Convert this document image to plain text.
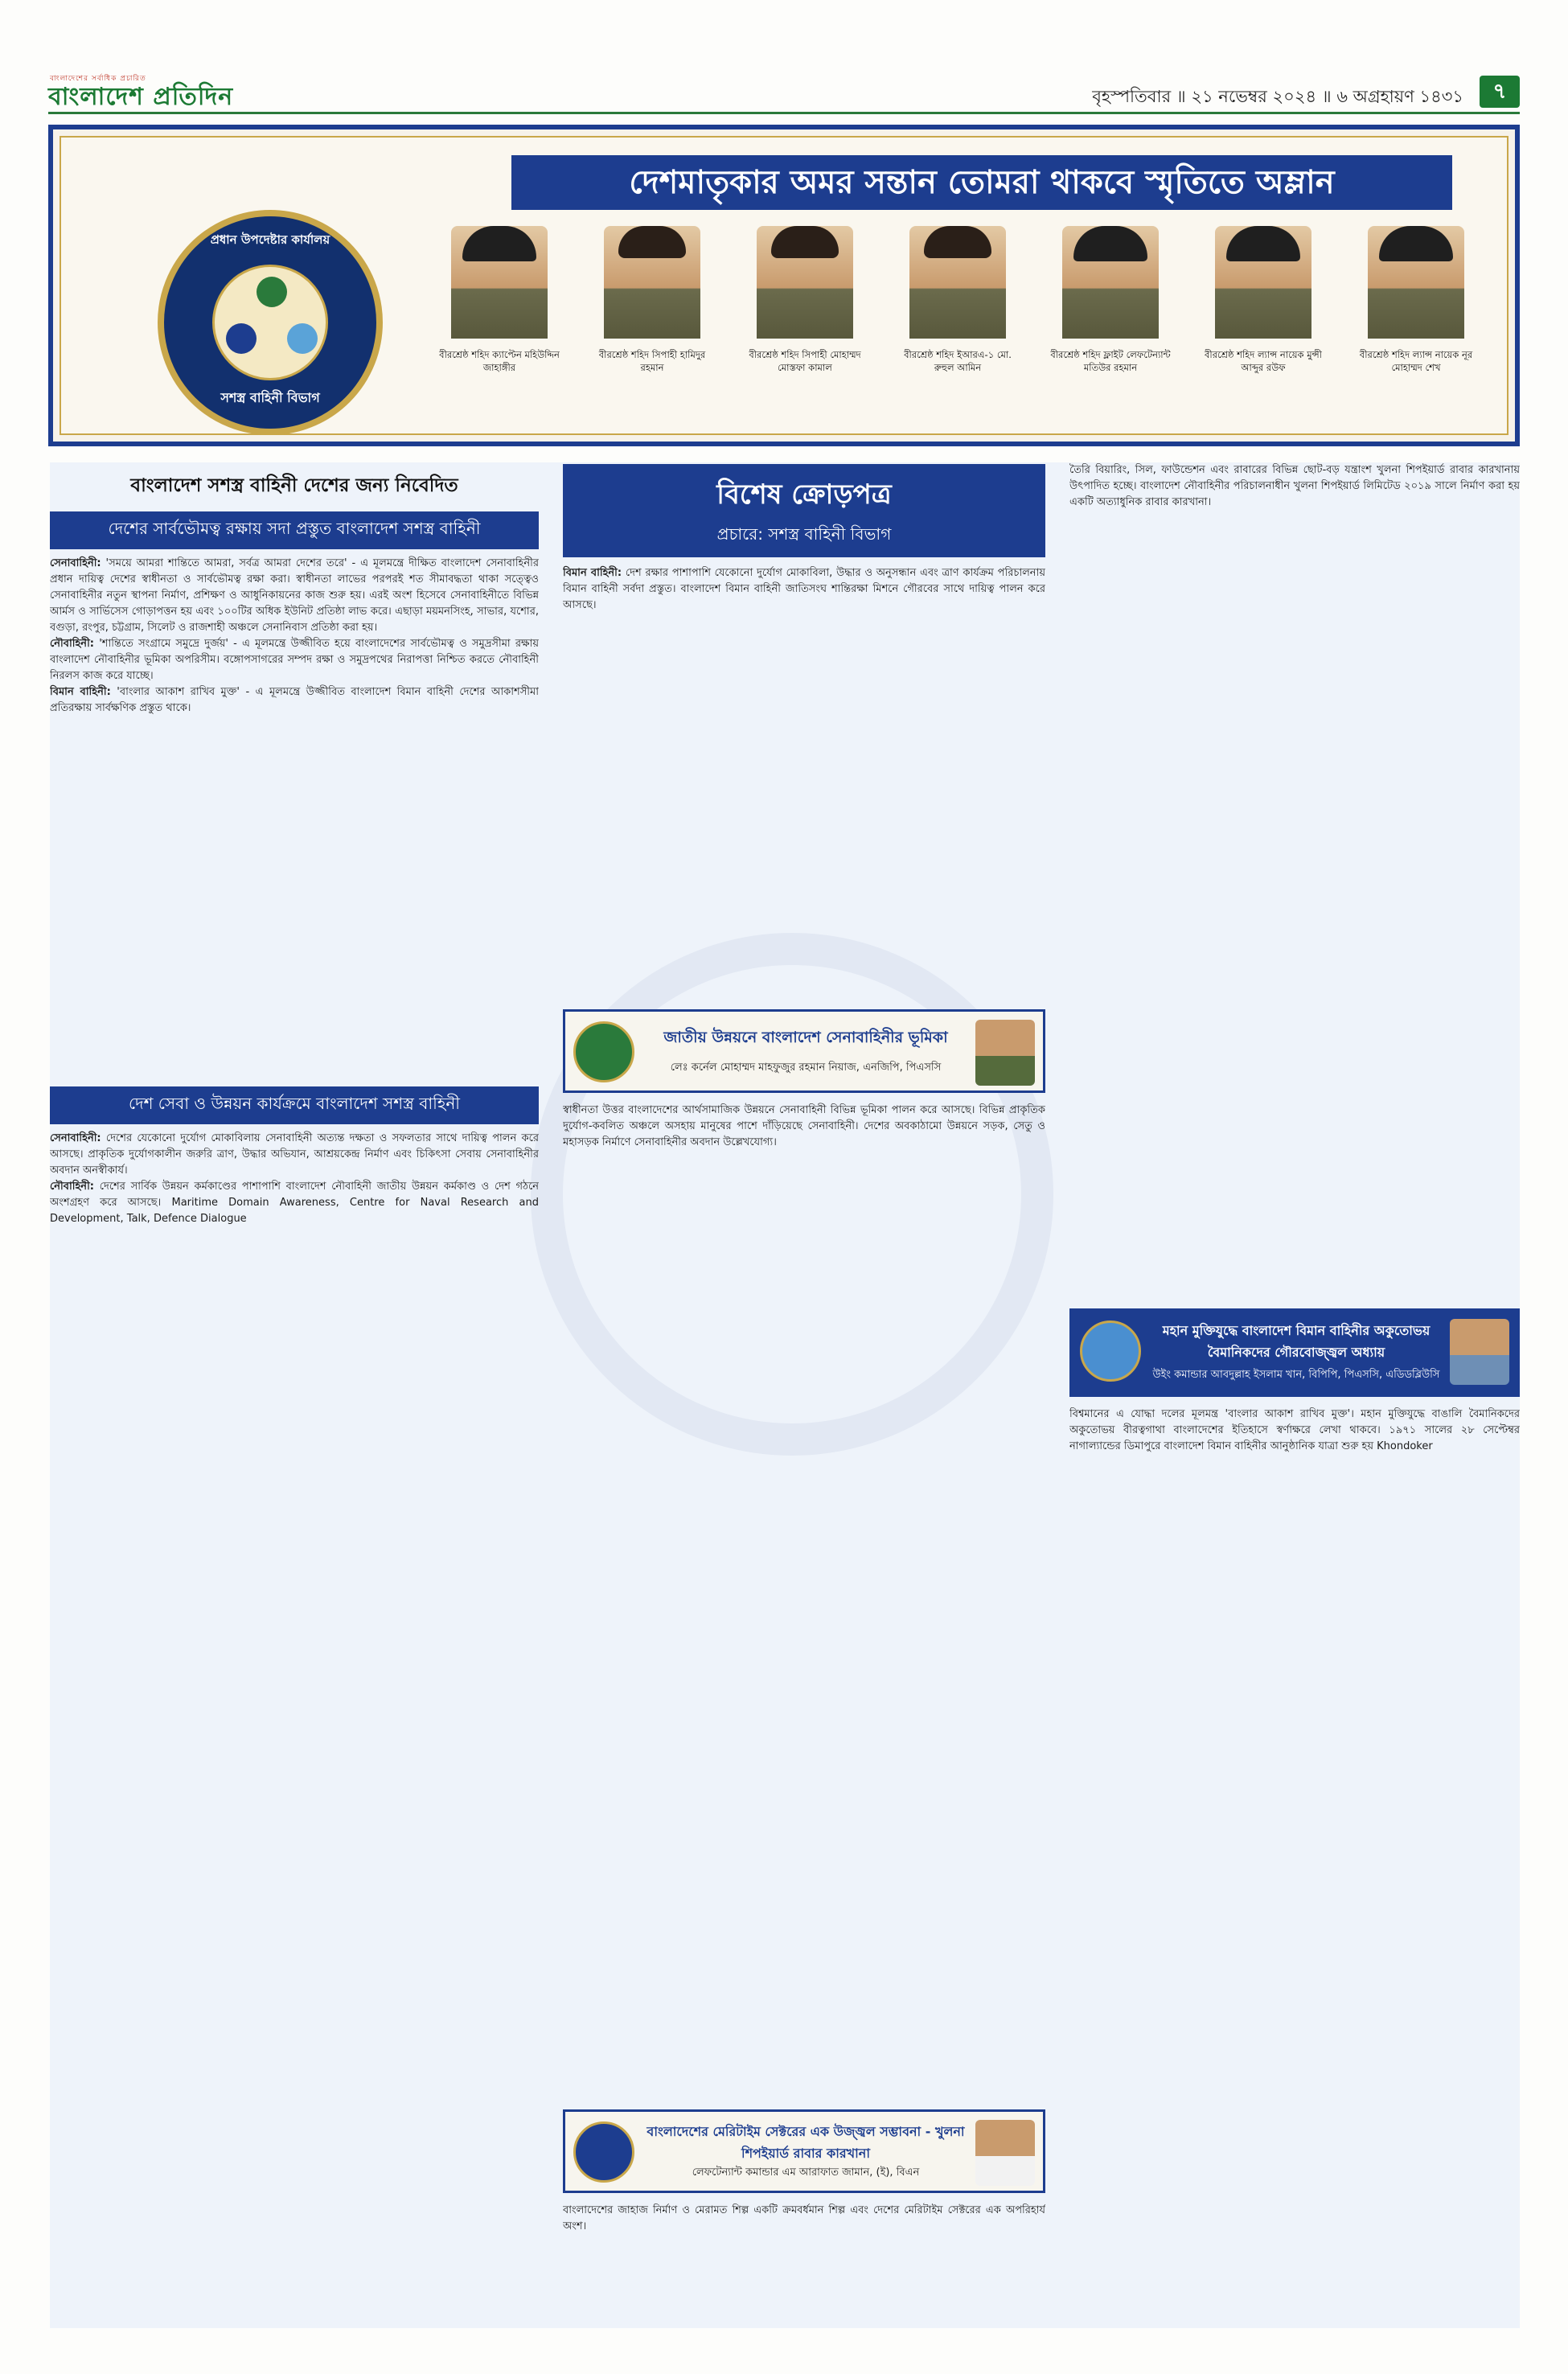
বাংলাদেশের সর্বাধিক প্রচারিত
বাংলাদেশ প্রতিদিন	বৃহস্পতিবার ॥ ২১ নভেম্বর ২০২৪ ॥ ৬ অগ্রহায়ণ ১৪৩১	৭
দেশমাতৃকার অমর সন্তান তোমরা থাকবে স্মৃতিতে অম্লান
প্রধান উপদেষ্টার কার্যালয়
সশস্ত্র বাহিনী বিভাগ
বীরশ্রেষ্ঠ শহিদ ক্যাপ্টেন মহিউদ্দিন জাহাঙ্গীর
বীরশ্রেষ্ঠ শহিদ সিপাহী হামিদুর রহমান
বীরশ্রেষ্ঠ শহিদ সিপাহী মোহাম্মদ মোস্তফা কামাল
বীরশ্রেষ্ঠ শহিদ ইআরএ-১ মো. রুহুল আমিন
বীরশ্রেষ্ঠ শহিদ ফ্লাইট লেফটেন্যান্ট মতিউর রহমান
বীরশ্রেষ্ঠ শহিদ ল্যান্স নায়েক মুন্সী আব্দুর রউফ
বীরশ্রেষ্ঠ শহিদ ল্যান্স নায়েক নূর মোহাম্মদ শেখ
বাংলাদেশ সশস্ত্র বাহিনী দেশের জন্য নিবেদিত
দেশের সার্বভৌমত্ব রক্ষায় সদা প্রস্তুত বাংলাদেশ সশস্ত্র বাহিনী
সেনাবাহিনী: 'সময়ে আমরা শান্তিতে আমরা, সর্বত্র আমরা দেশের তরে' - এ মূলমন্ত্রে দীক্ষিত বাংলাদেশ সেনাবাহিনীর প্রধান দায়িত্ব দেশের স্বাধীনতা ও সার্বভৌমত্ব রক্ষা করা। স্বাধীনতা লাভের পরপরই শত সীমাবদ্ধতা থাকা সত্ত্বেও সেনাবাহিনীর নতুন স্থাপনা নির্মাণ, প্রশিক্ষণ ও আধুনিকায়নের কাজ শুরু হয়। এরই অংশ হিসেবে সেনাবাহিনীতে বিভিন্ন আর্মস ও সার্ভিসেস গোড়াপত্তন হয় এবং ১০০টির অধিক ইউনিট প্রতিষ্ঠা লাভ করে। এছাড়া ময়মনসিংহ, সাভার, যশোর, বগুড়া, রংপুর, চট্টগ্রাম, সিলেট ও রাজশাহী অঞ্চলে সেনানিবাস প্রতিষ্ঠা করা হয়।
নৌবাহিনী: 'শান্তিতে সংগ্রামে সমুদ্রে দুর্জয়' - এ মূলমন্ত্রে উজ্জীবিত হয়ে বাংলাদেশের সার্বভৌমত্ব ও সমুদ্রসীমা রক্ষায় বাংলাদেশ নৌবাহিনীর ভূমিকা অপরিসীম। বঙ্গোপসাগরের সম্পদ রক্ষা ও সমুদ্রপথের নিরাপত্তা নিশ্চিত করতে নৌবাহিনী নিরলস কাজ করে যাচ্ছে।
বিমান বাহিনী: 'বাংলার আকাশ রাখিব মুক্ত' - এ মূলমন্ত্রে উজ্জীবিত বাংলাদেশ বিমান বাহিনী দেশের আকাশসীমা প্রতিরক্ষায় সার্বক্ষণিক প্রস্তুত থাকে।
দেশ সেবা ও উন্নয়ন কার্যক্রমে বাংলাদেশ সশস্ত্র বাহিনী
সেনাবাহিনী: দেশের যেকোনো দুর্যোগ মোকাবিলায় সেনাবাহিনী অত্যন্ত দক্ষতা ও সফলতার সাথে দায়িত্ব পালন করে আসছে। প্রাকৃতিক দুর্যোগকালীন জরুরি ত্রাণ, উদ্ধার অভিযান, আশ্রয়কেন্দ্র নির্মাণ এবং চিকিৎসা সেবায় সেনাবাহিনীর অবদান অনস্বীকার্য।
নৌবাহিনী: দেশের সার্বিক উন্নয়ন কর্মকাণ্ডের পাশাপাশি বাংলাদেশ নৌবাহিনী জাতীয় উন্নয়ন কর্মকাণ্ড ও দেশ গঠনে অংশগ্রহণ করে আসছে। Maritime Domain Awareness, Centre for Naval Research and Development, Talk, Defence Dialogue
বিশেষ ক্রোড়পত্র
প্রচারে: সশস্ত্র বাহিনী বিভাগ
বিমান বাহিনী: দেশ রক্ষার পাশাপাশি যেকোনো দুর্যোগ মোকাবিলা, উদ্ধার ও অনুসন্ধান এবং ত্রাণ কার্যক্রম পরিচালনায় বিমান বাহিনী সর্বদা প্রস্তুত। বাংলাদেশ বিমান বাহিনী জাতিসংঘ শান্তিরক্ষা মিশনে গৌরবের সাথে দায়িত্ব পালন করে আসছে।
জাতীয় উন্নয়নে বাংলাদেশ সেনাবাহিনীর ভূমিকা
লেঃ কর্নেল মোহাম্মদ মাহফুজুর রহমান নিয়াজ, এনজিপি, পিএসসি
স্বাধীনতা উত্তর বাংলাদেশের আর্থসামাজিক উন্নয়নে সেনাবাহিনী বিভিন্ন ভূমিকা পালন করে আসছে। বিভিন্ন প্রাকৃতিক দুর্যোগ-কবলিত অঞ্চলে অসহায় মানুষের পাশে দাঁড়িয়েছে সেনাবাহিনী। দেশের অবকাঠামো উন্নয়নে সড়ক, সেতু ও মহাসড়ক নির্মাণে সেনাবাহিনীর অবদান উল্লেখযোগ্য।
বাংলাদেশের মেরিটাইম সেক্টরের এক উজ্জ্বল সম্ভাবনা - খুলনা শিপইয়ার্ড রাবার কারখানা
লেফটেন্যান্ট কমান্ডার এম আরাফাত জামান, (ই), বিএন
বাংলাদেশের জাহাজ নির্মাণ ও মেরামত শিল্প একটি ক্রমবর্ধমান শিল্প এবং দেশের মেরিটাইম সেক্টরের এক অপরিহার্য অংশ।
তৈরি বিয়ারিং, সিল, ফাউন্ডেশন এবং রাবারের বিভিন্ন ছোট-বড় যন্ত্রাংশ খুলনা শিপইয়ার্ড রাবার কারখানায় উৎপাদিত হচ্ছে। বাংলাদেশ নৌবাহিনীর পরিচালনাধীন খুলনা শিপইয়ার্ড লিমিটেড ২০১৯ সালে নির্মাণ করা হয় একটি অত্যাধুনিক রাবার কারখানা।
মহান মুক্তিযুদ্ধে বাংলাদেশ বিমান বাহিনীর অকুতোভয় বৈমানিকদের গৌরবোজ্জ্বল অধ্যায়
উইং কমান্ডার আবদুল্লাহ ইসলাম খান, বিপিপি, পিএসসি, এডিডব্লিউসি
বিশ্বমানের এ যোদ্ধা দলের মূলমন্ত্র 'বাংলার আকাশ রাখিব মুক্ত'। মহান মুক্তিযুদ্ধে বাঙালি বৈমানিকদের অকুতোভয় বীরত্বগাথা বাংলাদেশের ইতিহাসে স্বর্ণাক্ষরে লেখা থাকবে। ১৯৭১ সালের ২৮ সেপ্টেম্বর নাগাল্যান্ডের ডিমাপুরে বাংলাদেশ বিমান বাহিনীর আনুষ্ঠানিক যাত্রা শুরু হয় Khondoker
